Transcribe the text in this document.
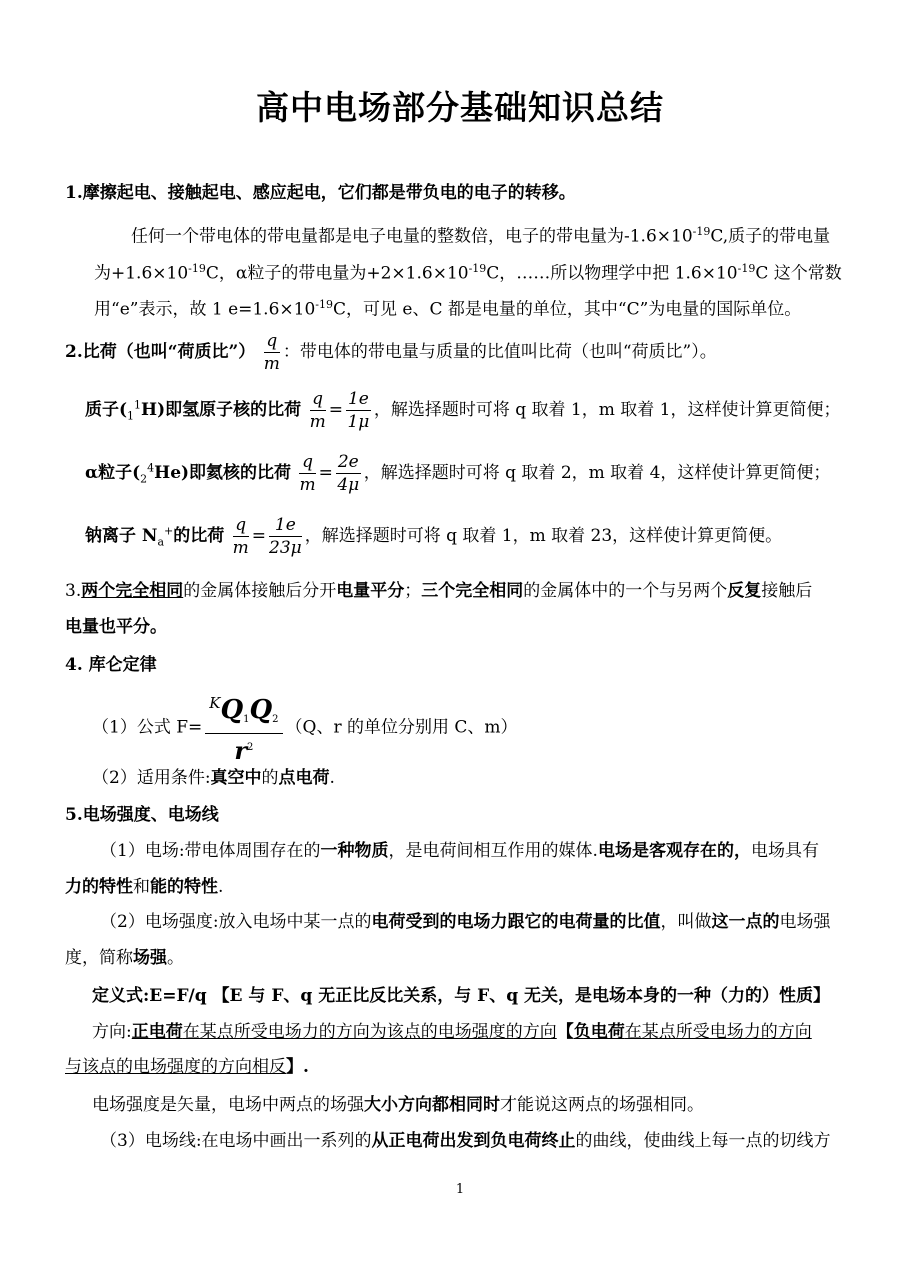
高中电场部分基础知识总结
1.摩擦起电、接触起电、感应起电，它们都是带负电的电子的转移。
任何一个带电体的带电量都是电子电量的整数倍，电子的带电量为$-1.6\times 10^{-19}C$,质子的带电量
为$+1.6\times 10^{-19}C$，α粒子的带电量为$+2\times 1.6\times 10^{-19}C$，……所以物理学中把 $1.6\times 10^{-19}C$ 这个常数
用“e”表示，故 1 $e=1.6\times 10^{-19}C$，可见 e、C 都是电量的单位，其中“C”为电量的国际单位。
2.比荷（也叫“荷质比”） $\frac{q}{m}$ ：带电体的带电量与质量的比值叫比荷（也叫“荷质比”）。
质子$(_1^1H)$即氢原子核的比荷 $\frac{q}{m} = \frac{1e}{1\mu}$ ，解选择题时可将 q 取着 1，m 取着 1，这样使计算更简便；
α粒子$(_2^4He)$即氦核的比荷 $\frac{q}{m} = \frac{2e}{4\mu}$ ，解选择题时可将 q 取着 2，m 取着 4，这样使计算更简便；
钠离子 $N_a^+$的比荷 $\frac{q}{m} = \frac{1e}{23\mu}$ ，解选择题时可将 q 取着 1，m 取着 23，这样使计算更简便。
3.两个完全相同的金属体接触后分开电量平分；三个完全相同的金属体中的一个与另两个反复接触后
电量也平分。
4. 库仑定律
（1）公式 $F= \frac{KQ_1Q_2}{r^2} (Q$、r 的单位分别用 C、m）
（2）适用条件:真空中的点电荷.
5.电场强度、电场线
（1）电场:带电体周围存在的一种物质，是电荷间相互作用的媒体.电场是客观存在的，电场具有
力的特性和能的特性.
（2）电场强度:放入电场中某一点的电荷受到的电场力跟它的电荷量的比值，叫做这一点的电场强
度，简称场强。
定义式:E=F/q 【E 与 F、q 无正比反比关系，与 F、q 无关，是电场本身的一种（力的）性质】
方向:正电荷在某点所受电场力的方向为该点的电场强度的方向【负电荷在某点所受电场力的方向
与该点的电场强度的方向相反】.
电场强度是矢量，电场中两点的场强大小方向都相同时才能说这两点的场强相同。
（3）电场线:在电场中画出一系列的从正电荷出发到负电荷终止的曲线，使曲线上每一点的切线方
1
